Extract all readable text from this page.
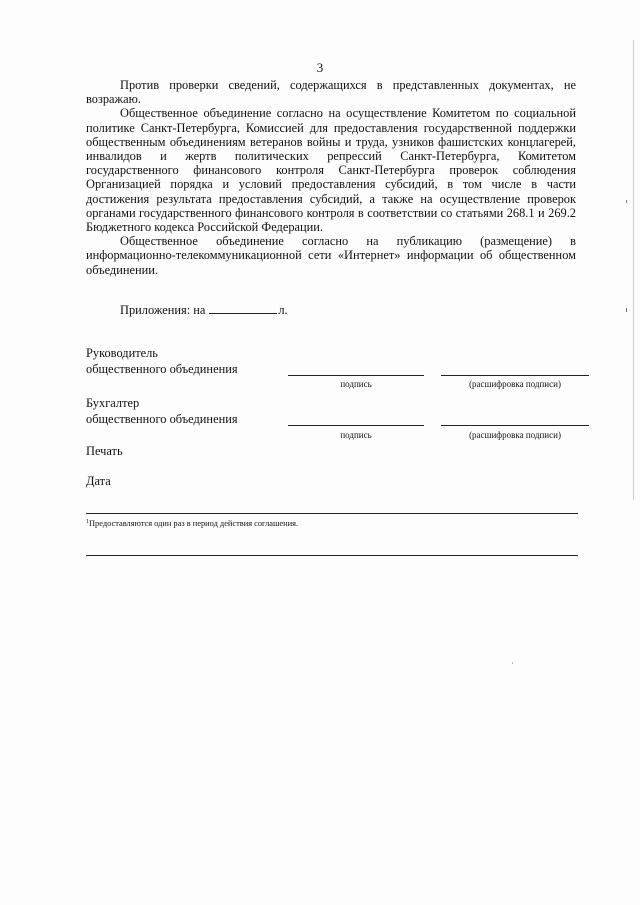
3

Против проверки сведений, содержащихся в представленных документах, не возражаю.

Общественное объединение согласно на осуществление Комитетом по социальной политике Санкт-Петербурга, Комиссией для предоставления государственной поддержки общественным объединениям ветеранов войны и труда, узников фашистских концлагерей, инвалидов и жертв политических репрессий Санкт-Петербурга, Комитетом государственного финансового контроля Санкт-Петербурга проверок соблюдения Организацией порядка и условий предоставления субсидий, в том числе в части достижения результата предоставления субсидий, а также на осуществление проверок органами государственного финансового контроля в соответствии со статьями 268.1 и 269.2 Бюджетного кодекса Российской Федерации.

Общественное объединение согласно на публикацию (размещение) в информационно-телекоммуникационной сети «Интернет» информации об общественном объединении.

Приложения: на	л.
Руководитель
общественного объединения
подпись	(расшифровка подписи)
Бухгалтер
общественного объединения
подпись	(расшифровка подписи)
Печать
Дата
$^1$Предоставляются один раз в период действия соглашения.
